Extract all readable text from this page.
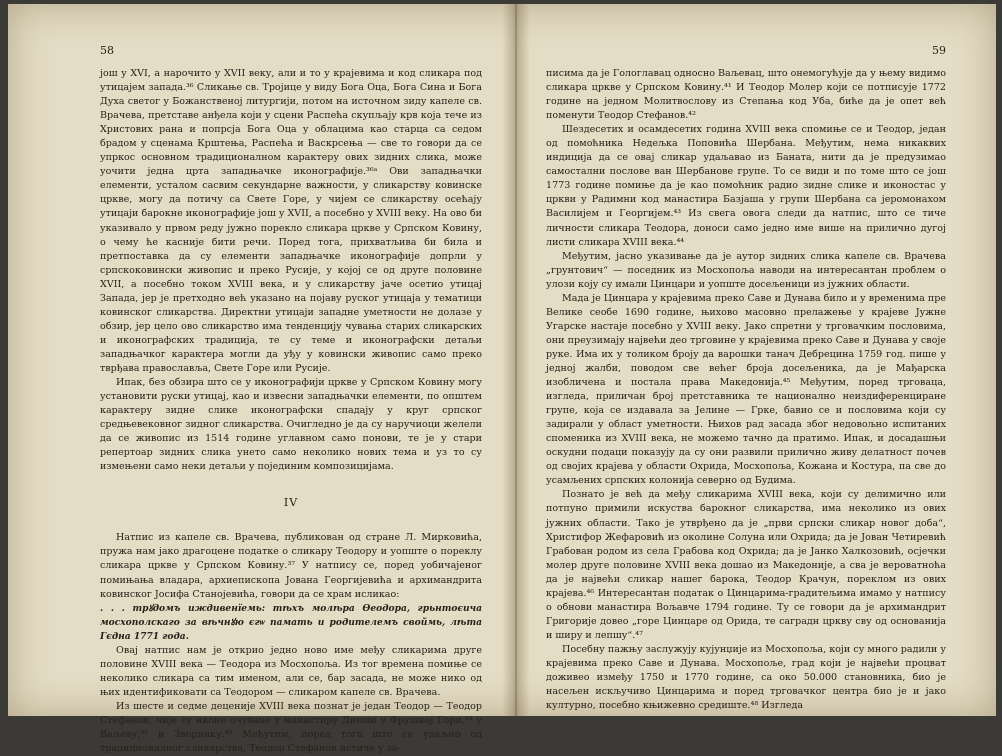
58

још у XVI, а нарочито у XVII веку, али и то у крајевима и код сликара под утицајем запада.³⁶ Сликање св. Тројице у виду Бога Оца, Бога Сина и Бога Духа светог у Божанственој литургији, потом на источном зиду капеле св. Врачева, претставе анђела који у сцени Распећа скупљају крв која тече из Христових рана и попрсја Бога Оца у облацима као старца са седом брадом у сценама Крштења, Распећа и Васкрсења — све то говори да се упркос основном традиционалном карактеру ових зидних слика, може уочити једна црта западњачке иконографије.³⁶ᵃ Ови западњачки елементи, усталом сасвим секундарне важности, у сликарству ковинске цркве, могу да потичу са Свете Горе, у чијем се сликарству осећају утицаји барокне иконографије још у XVII, а посебно у XVIII веку. На ово би указивало у првом реду јужно порекло сликара цркве у Српском Ковину, о чему ће касније бити речи. Поред тога, прихватљива би била и претпоставка да су елементи западњачке иконографије допрли у српскоковински живопис и преко Русије, у којој се од друге половине XVII, а посебно током XVIII века, и у сликарству јаче осетио утицај Запада, јер је претходно већ указано на појаву руског утицаја у тематици ковинског сликарства. Директни утицаји западне уметности не долазе у обзир, јер цело ово сликарство има тенденцију чувања старих сликарских и иконографских традиција, те су теме и иконографски детаљи западњачког карактера могли да уђу у ковински живопис само преко тврђава православља, Свете Горе или Русије.

Ипак, без обзира што се у иконографији цркве у Српском Ковину могу установити руски утицај, као и извесни западњачки елементи, по општем карактеру зидне слике иконографски спадају у круг српског средњевековног зидног сликарства. Очигледно је да су наручиоци желели да се живопис из 1514 године углавном само понови, те је у стари репертоар зидних слика унето само неколико нових тема и уз то су измењени само неки детаљи у појединим композицијама.

IV

Натпис из капеле св. Врачева, публикован од стране Л. Мирковића, пружа нам јако драгоцене податке о сликару Теодору и уопште о пореклу сликара цркве у Српском Ковину.³⁷ У натпису се, поред уобичајеног помињања владара, архиепископа Јована Георгијевића и архимандрита ковинског Јосифа Станојевића, говори да се храм исликао:

. . . трꙋдомъ иждивенїемь: тѣхъ молѣра Өеодора, грьнтоєича мосхополскаго за вѣчнꙋю єгѡ памать и родителемъ своймь, лѣта Гєдна 1771 годa.

Овај натпис нам је открио једно ново име међу сликарима друге половине XVIII века — Теодора из Мосхопоља. Из тог времена помиње се неколико сликара са тим именом, али се, бар засада, не може нико од њих идентификовати са Теодором — сликаром капеле св. Врачева.

Из шесте и седме деценије XVIII века познат је један Теодор — Теодор Стефанов, чије су иконе очуване у манастиру Дивши у Фрушкој Гори,³⁸ у Ваљеву,³⁹ и Зворнику.⁴⁰ Међутим, поред тога што се удаљио од традиционалног сликарства, Теодор Стефанов истиче у за-

59

писима да је Гологлавац односно Ваљевац, што онемогућује да у њему видимо сликара цркве у Српском Ковину.⁴¹ И Теодор Молер који се потписује 1772 године на једном Молитвослову из Степања код Уба, биће да је опет већ поменути Теодор Стефанов.⁴²

Шездесетих и осамдесетих година XVIII века спомиње се и Теодор, један од помоћника Недељка Поповића Шербана. Међутим, нема никаквих индиција да се овај сликар удаљавао из Баната, нити да је предузимао самостални послове ван Шербанове групе. То се види и по томе што се још 1773 године помиње да је као помоћник радио зидне слике и иконостас у цркви у Радимни код манастира Базјаша у групи Шербана са јеромонахом Василијем и Георгијем.⁴³ Из свега овога следи да натпис, што се тиче личности сликара Теодора, доноси само једно име више на прилично дугој листи сликара XVIII века.⁴⁴

Међутим, јасно указивање да је аутор зидних слика капеле св. Врачева „грунтович“ — поседник из Мосхопоља наводи на интересантан проблем о улози коју су имали Цинцари и уопште досељеници из јужних области.

Мада је Цинцара у крајевима преко Саве и Дунава било и у временима пре Велике сеобе 1690 године, њихово масовно прелажење у крајеве Јужне Угарске настаје посебно у XVIII веку. Јако спретни у трговачким пословима, они преузимају највећи део трговине у крајевима преко Саве и Дунава у своје руке. Има их у толиком броју да варошки танач Дебрецина 1759 год. пише у једној жалби, поводом све већег броја досељеника, да је Мађарска изобличена и постала права Македонија.⁴⁵ Међутим, поред трговаца, изгледа, приличан број претставника те национално неиздиференциране групе, која се издавала за Јелине — Грке, бавио се и пословима који су задирали у област уметности. Њихов рад засада због недовољно испитаних споменика из XVIII века, не можемо тачно да пратимо. Ипак, и досадашњи оскудни подаци показују да су они развили прилично живу делатност почев од својих крајева у области Охрида, Мосхопоља, Кожана и Костура, па све до усамљених српских колонија северно од Будима.

Познато је већ да међу сликарима XVIII века, који су делимично или потпуно примили искуства барокног сликарства, има неколико из ових јужних области. Тако је утврђено да је „први српски сликар новог доба“, Христифор Жефаровић из околине Солуна или Охрида; да је Јован Четиревић Грабован родом из села Грабова код Охрида; да је Јанко Халкозовић, осјечки молер друге половине XVIII века дошао из Македоније, а сва је вероватноћа да је највећи сликар нашег барока, Теодор Крачун, пореклом из ових крајева.⁴⁶ Интересантан податак о Цинцарима-градитељима имамо у натпису о обнови манастира Вољавче 1794 године. Ту се говори да је архимандрит Григорије довео „горе Цинцаре од Орида, те саградн цркву сву од основанија и шиpу и лепшу“.⁴⁷

Посебну пажњу заслужују кујунџије из Мосхопоља, који су много радили у крајевима преко Саве и Дунава. Мосхопоље, град који је највећи процват доживео између 1750 и 1770 године, са око 50.000 становника, био је насељен искључиво Цинцарима и поред трговачког центра био је и јако културно, посебно књижевно средиште.⁴⁸ Изгледа
